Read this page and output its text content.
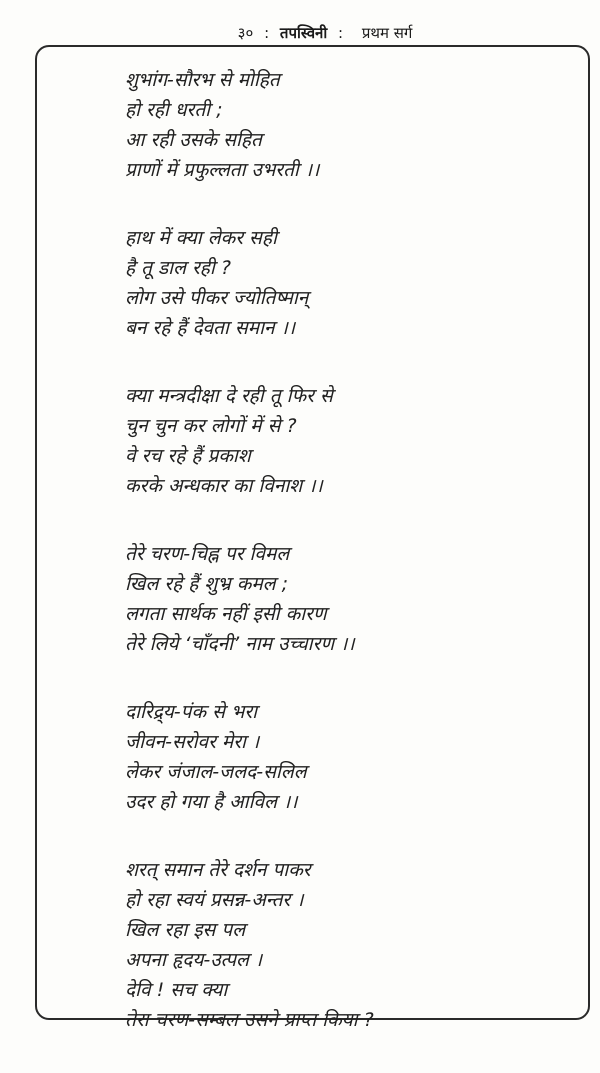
३० : तपस्विनी : प्रथम सर्ग
शुभांग-सौरभ से मोहित
हो रही धरती ;
आ रही उसके सहित
प्राणों में प्रफुल्लता उभरती ।।
हाथ में क्या लेकर सही
है तू डाल रही ?
लोग उसे पीकर ज्योतिष्मान्
बन रहे हैं देवता समान ।।
क्या मन्त्रदीक्षा दे रही तू फिर से
चुन चुन कर लोगों में से ?
वे रच रहे हैं प्रकाश
करके अन्धकार का विनाश ।।
तेरे चरण-चिह्न पर विमल
खिल रहे हैं शुभ्र कमल ;
लगता सार्थक नहीं इसी कारण
तेरे लिये ‘चाँदनी’ नाम उच्चारण ।।
दारिद्र्य-पंक से भरा
जीवन-सरोवर मेरा ।
लेकर जंजाल-जलद-सलिल
उदर हो गया है आविल ।।
शरत् समान तेरे दर्शन पाकर
हो रहा स्वयं प्रसन्न-अन्तर ।
खिल रहा इस पल
अपना हृदय-उत्पल ।
देवि ! सच क्या
तेरा चरण-सम्बल उसने प्राप्त किया ?
